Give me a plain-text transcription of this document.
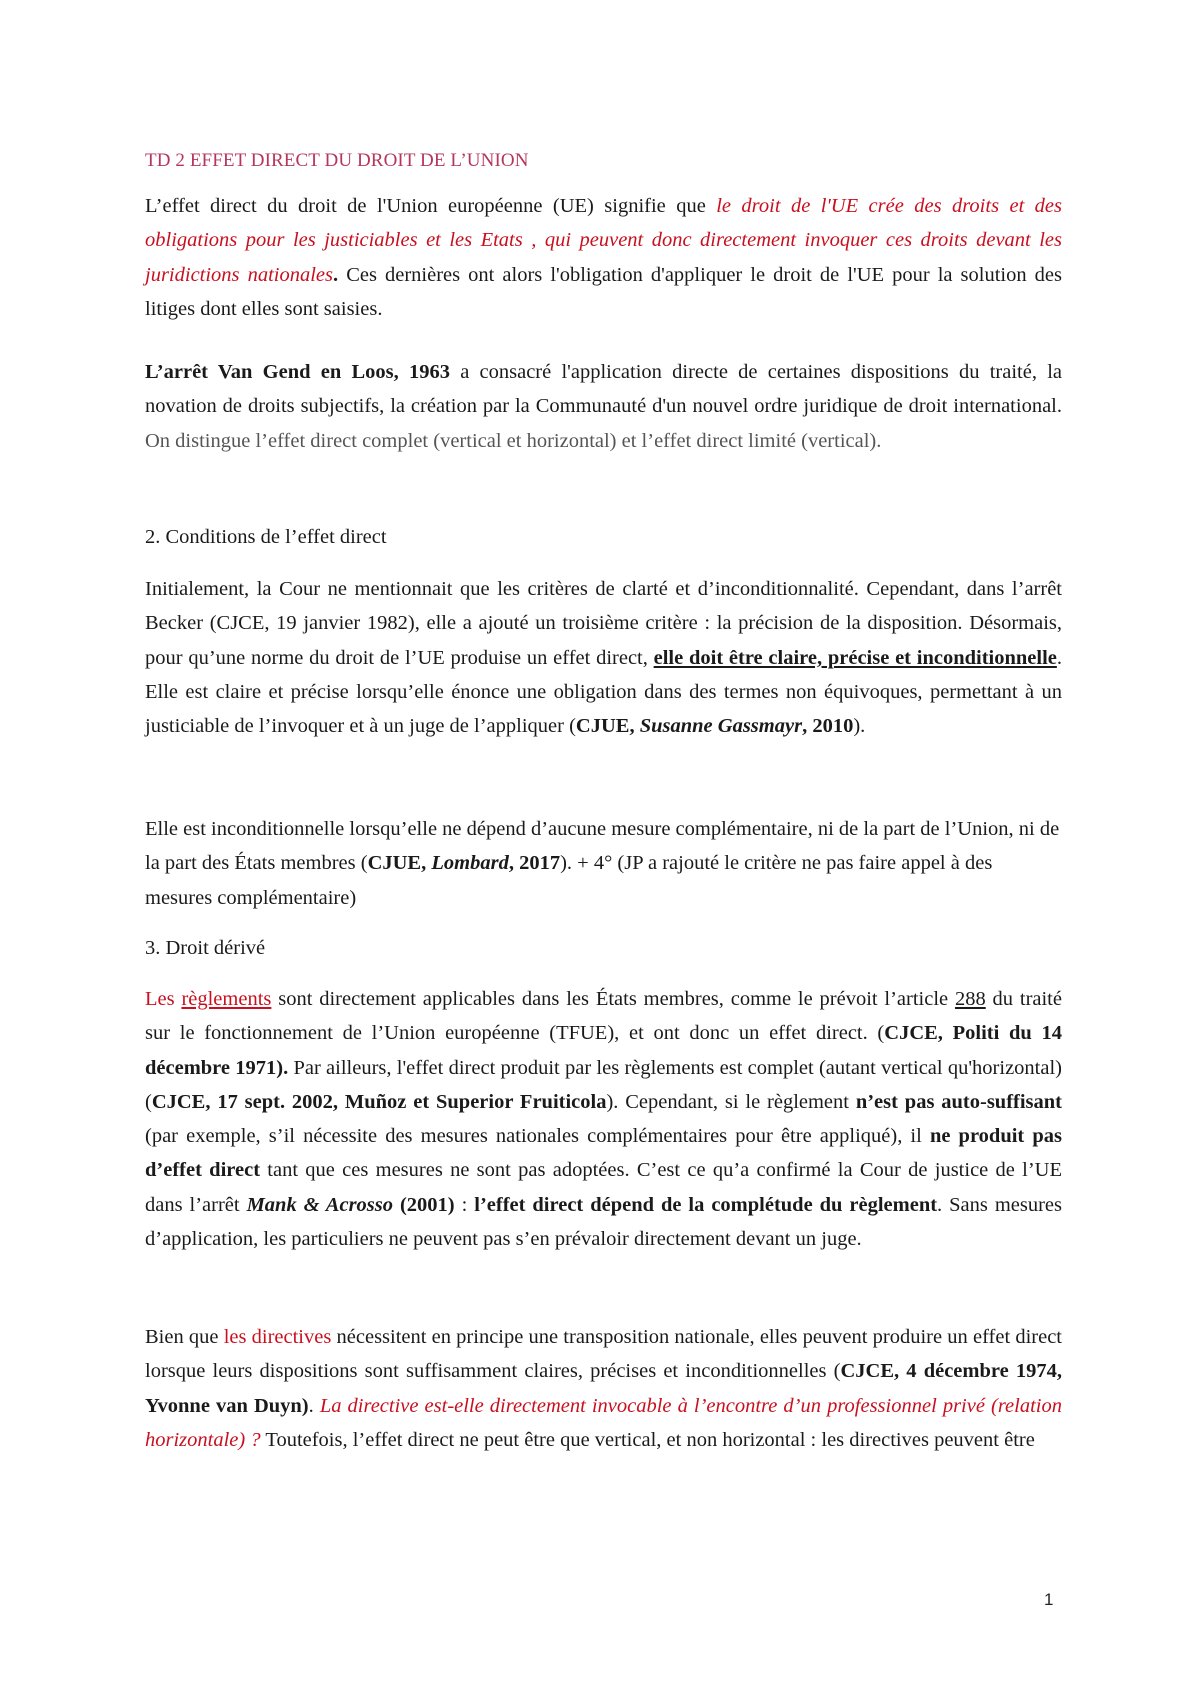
TD 2 EFFET DIRECT DU DROIT DE L’UNION

L’effet direct du droit de l'Union européenne (UE) signifie que le droit de l'UE crée des droits et des obligations pour les justiciables et les Etats , qui peuvent donc directement invoquer ces droits devant les juridictions nationales. Ces dernières ont alors l'obligation d'appliquer le droit de l'UE pour la solution des litiges dont elles sont saisies.

L’arrêt Van Gend en Loos, 1963 a consacré l'application directe de certaines dispositions du traité, la novation de droits subjectifs, la création par la Communauté d'un nouvel ordre juridique de droit international. On distingue l’effet direct complet (vertical et horizontal) et l’effet direct limité (vertical).

2. Conditions de l’effet direct

Initialement, la Cour ne mentionnait que les critères de clarté et d’inconditionnalité. Cependant, dans l’arrêt Becker (CJCE, 19 janvier 1982), elle a ajouté un troisième critère : la précision de la disposition. Désormais, pour qu’une norme du droit de l’UE produise un effet direct, elle doit être claire, précise et inconditionnelle. Elle est claire et précise lorsqu’elle énonce une obligation dans des termes non équivoques, permettant à un justiciable de l’invoquer et à un juge de l’appliquer (CJUE, Susanne Gassmayr, 2010).

Elle est inconditionnelle lorsqu’elle ne dépend d’aucune mesure complémentaire, ni de la part de l’Union, ni de la part des États membres (CJUE, Lombard, 2017). + 4° (JP a rajouté le critère ne pas faire appel à des mesures complémentaire)

3. Droit dérivé

Les règlements sont directement applicables dans les États membres, comme le prévoit l’article 288 du traité sur le fonctionnement de l’Union européenne (TFUE), et ont donc un effet direct. (CJCE, Politi du 14 décembre 1971). Par ailleurs, l'effet direct produit par les règlements est complet (autant vertical qu'horizontal) (CJCE, 17 sept. 2002, Muñoz et Superior Fruiticola). Cependant, si le règlement n’est pas auto-suffisant (par exemple, s’il nécessite des mesures nationales complémentaires pour être appliqué), il ne produit pas d’effet direct tant que ces mesures ne sont pas adoptées. C’est ce qu’a confirmé la Cour de justice de l’UE dans l’arrêt Mank & Acrosso (2001) : l’effet direct dépend de la complétude du règlement. Sans mesures d’application, les particuliers ne peuvent pas s’en prévaloir directement devant un juge.

Bien que les directives nécessitent en principe une transposition nationale, elles peuvent produire un effet direct lorsque leurs dispositions sont suffisamment claires, précises et inconditionnelles (CJCE, 4 décembre 1974, Yvonne van Duyn). La directive est-elle directement invocable à l’encontre d’un professionnel privé (relation horizontale) ? Toutefois, l’effet direct ne peut être que vertical, et non horizontal : les directives peuvent être

1
